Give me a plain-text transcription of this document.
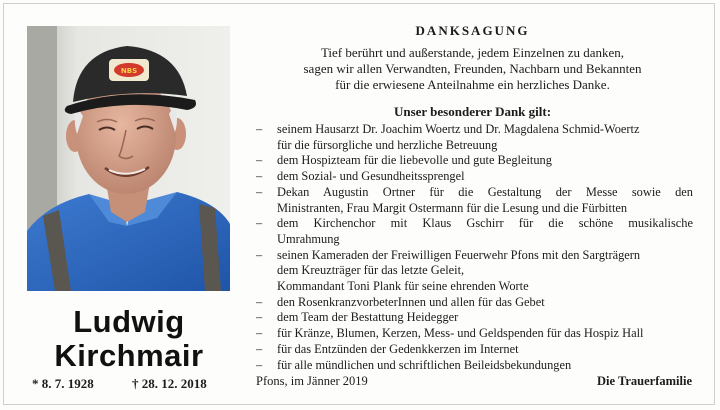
NBS
Ludwig
Kirchmair
* 8. 7. 1928	† 28. 12. 2018
DANKSAGUNG
Tief berührt und außerstande, jedem Einzelnen zu danken,
sagen wir allen Verwandten, Freunden, Nachbarn und Bekannten
für die erwiesene Anteilnahme ein herzliches Danke.
Unser besonderer Dank gilt:
– seinem Hausarzt Dr. Joachim Woertz und Dr. Magdalena Schmid-Woertz
für die fürsorgliche und herzliche Betreuung
– dem Hospizteam für die liebevolle und gute Begleitung
– dem Sozial- und Gesundheitssprengel
– Dekan Augustin Ortner für die Gestaltung der Messe sowie den
Ministranten, Frau Margit Ostermann für die Lesung und die Fürbitten
– dem Kirchenchor mit Klaus Gschirr für die schöne musikalische
Umrahmung
– seinen Kameraden der Freiwilligen Feuerwehr Pfons mit den Sargträgern
dem Kreuzträger für das letzte Geleit,
Kommandant Toni Plank für seine ehrenden Worte
– den RosenkranzvorbeterInnen und allen für das Gebet
– dem Team der Bestattung Heidegger
– für Kränze, Blumen, Kerzen, Mess- und Geldspenden für das Hospiz Hall
– für das Entzünden der Gedenkkerzen im Internet
– für alle mündlichen und schriftlichen Beileidsbekundungen
Pfons, im Jänner 2019	Die Trauerfamilie
